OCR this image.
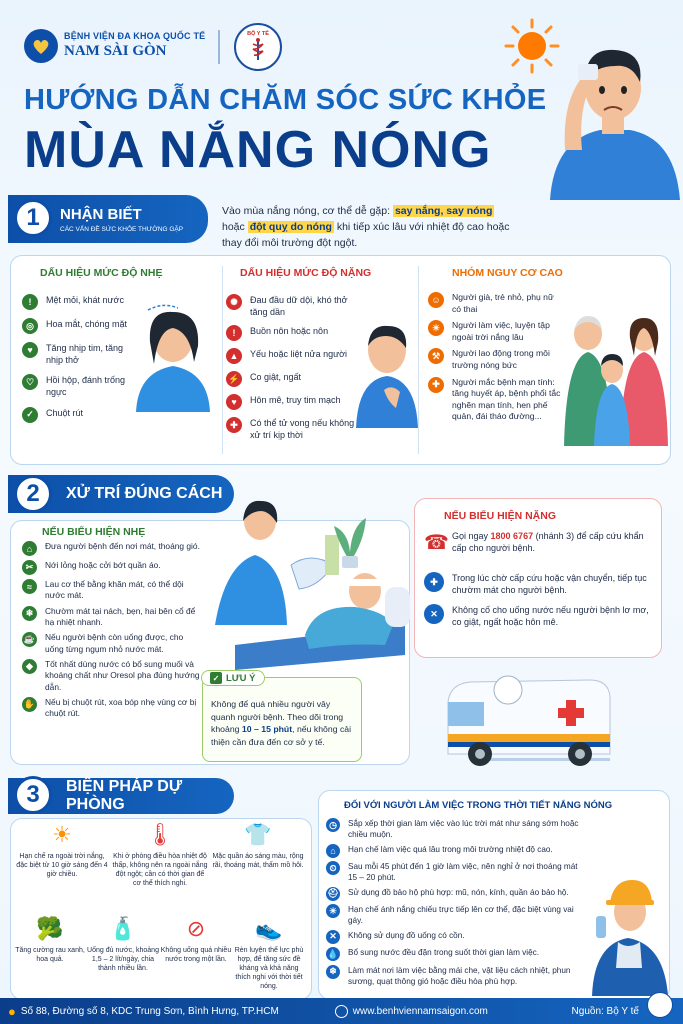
BỆNH VIỆN ĐA KHOA QUỐC TẾ
NAM SÀI GÒN
BỘ Y TẾ
HƯỚNG DẪN CHĂM SÓC SỨC KHỎE
MÙA NẮNG NÓNG
NHẬN BIẾT
CÁC VẤN ĐỀ SỨC KHỎE THƯỜNG GẶP
1	Vào mùa nắng nóng, cơ thể dễ gặp: say nắng, say nóng
hoặc đột quỵ do nóng khi tiếp xúc lâu với nhiệt độ cao hoặc thay đổi môi trường đột ngột.
DẤU HIỆU MỨC ĐỘ NHẸ
!	Mệt mỏi, khát nước
◎	Hoa mắt, chóng mặt
♥	Tăng nhịp tim, tăng nhịp thở
♡	Hồi hộp, đánh trống ngực
✓	Chuột rút
DẤU HIỆU MỨC ĐỘ NẶNG
✺	Đau đầu dữ dội, khó thở tăng dần
!	Buồn nôn hoặc nôn
▲	Yếu hoặc liệt nửa người
⚡ Co giật, ngất
♥	Hôn mê, truy tim mạch
✚	Có thể tử vong nếu không xử trí kịp thời
NHÓM NGUY CƠ CAO
☺	Người già, trẻ nhỏ, phụ nữ có thai
☀	Người làm việc, luyện tập ngoài trời nắng lâu
⚒	Người lao động trong môi trường nóng bức
✚	Người mắc bệnh mạn tính: tăng huyết áp, bệnh phổi tắc nghẽn mạn tính, hen phế quản, đái tháo đường...
XỬ TRÍ ĐÚNG CÁCH
2
NẾU BIỂU HIỆN NHẸ
⌂	Đưa người bệnh đến nơi mát, thoáng gió.
✂	Nới lỏng hoặc cởi bớt quần áo.
≈	Lau cơ thể bằng khăn mát, có thể dội nước mát.
❄	Chườm mát tại nách, bẹn, hai bên cổ để hạ nhiệt nhanh.
☕ Nếu người bệnh còn uống được, cho uống từng ngụm nhỏ nước mát.
◆	Tốt nhất dùng nước có bổ sung muối và khoáng chất như Oresol pha đúng hướng dẫn.
✋ Nếu bị chuột rút, xoa bóp nhẹ vùng cơ bị chuột rút.
✓ LƯU Ý
Không để quá nhiều người vây quanh người bệnh. Theo dõi trong khoảng 10 – 15 phút, nếu không cải thiện cần đưa đến cơ sở y tế.
NẾU BIỂU HIỆN NẶNG
☎ Gọi ngay 1800 6767 (nhánh 3) để cấp cứu khẩn cấp cho người bệnh.
✚	Trong lúc chờ cấp cứu hoặc vận chuyển, tiếp tục chườm mát cho người bệnh.
✕	Không cố cho uống nước nếu người bệnh lơ mơ, co giật, ngất hoặc hôn mê.
BIỆN PHÁP DỰ PHÒNG
3
☀
Hạn chế ra ngoài trời nắng, đặc biệt từ 10 giờ sáng đến 4 giờ chiều.
🌡
Khi ở phòng điều hòa nhiệt độ thấp, không nên ra ngoài nắng đột ngột; cần có thời gian để cơ thể thích nghi.
👕
Mặc quần áo sáng màu, rộng rãi, thoáng mát, thấm mồ hôi.
🥦
Tăng cường rau xanh, hoa quả.
🧴
Uống đủ nước, khoảng 1,5 – 2 lít/ngày, chia thành nhiều lần.
⊘
Không uống quá nhiều nước trong một lần.
👟
Rèn luyện thể lực phù hợp, để tăng sức đề kháng và khả năng thích nghi với thời tiết nóng.
ĐỐI VỚI NGƯỜI LÀM VIỆC TRONG THỜI TIẾT NẮNG NÓNG
◷	Sắp xếp thời gian làm việc vào lúc trời mát như sáng sớm hoặc chiều muộn.
⌂	Hạn chế làm việc quá lâu trong môi trường nhiệt độ cao.
⏲	Sau mỗi 45 phút đến 1 giờ làm việc, nên nghỉ ở nơi thoáng mát 15 – 20 phút.
⛑ Sử dụng đồ bảo hộ phù hợp: mũ, nón, kính, quần áo bảo hộ.
☀	Hạn chế ánh nắng chiếu trực tiếp lên cơ thể, đặc biệt vùng vai gáy.
✕	Không sử dụng đồ uống có cồn.
💧 Bổ sung nước đều đặn trong suốt thời gian làm việc.
❄	Làm mát nơi làm việc bằng mái che, vật liệu cách nhiệt, phun sương, quạt thông gió hoặc điều hòa phù hợp.
● Số 88, Đường số 8, KDC Trung Sơn, Bình Hưng, TP.HCM	www.benhviennamsaigon.com	Nguồn: Bộ Y tế
